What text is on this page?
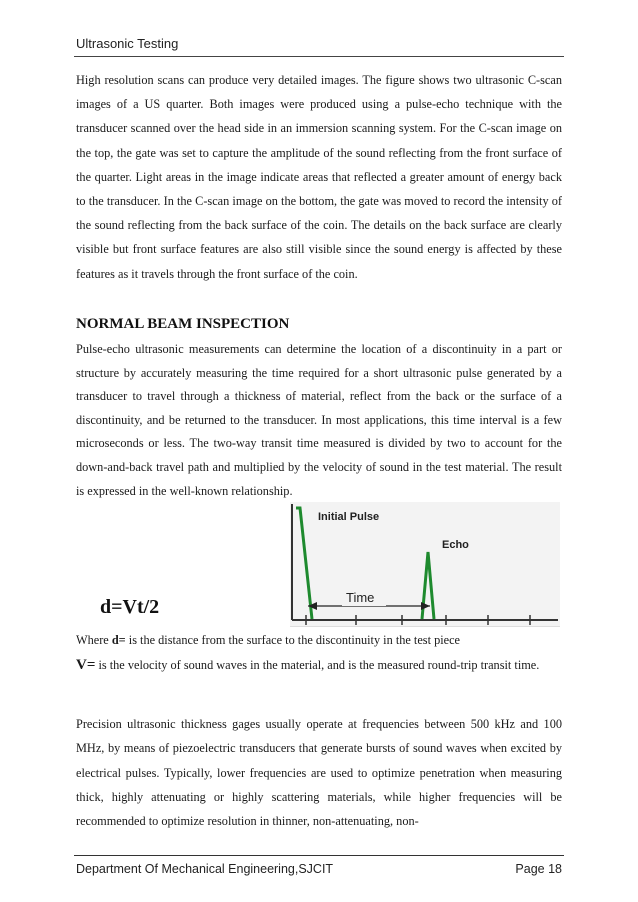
Ultrasonic Testing

High resolution scans can produce very detailed images. The figure shows two ultrasonic C-scan images of a US quarter. Both images were produced using a pulse-echo technique with the transducer scanned over the head side in an immersion scanning system. For the C-scan image on the top, the gate was set to capture the amplitude of the sound reflecting from the front surface of the quarter. Light areas in the image indicate areas that reflected a greater amount of energy back to the transducer. In the C-scan image on the bottom, the gate was moved to record the intensity of the sound reflecting from the back surface of the coin. The details on the back surface are clearly visible but front surface features are also still visible since the sound energy is affected by these features as it travels through the front surface of the coin.

NORMAL BEAM INSPECTION

Pulse-echo ultrasonic measurements can determine the location of a discontinuity in a part or structure by accurately measuring the time required for a short ultrasonic pulse generated by a transducer to travel through a thickness of material, reflect from the back or the surface of a discontinuity, and be returned to the transducer. In most applications, this time interval is a few microseconds or less. The two-way transit time measured is divided by two to account for the down-and-back travel path and multiplied by the velocity of sound in the test material. The result is expressed in the well-known relationship.

Initial Pulse
Echo
Time
d=Vt/2

Where d= is the distance from the surface to the discontinuity in the test piece

V= is the velocity of sound waves in the material, and is the measured round-trip transit time.

Precision ultrasonic thickness gages usually operate at frequencies between 500 kHz and 100 MHz, by means of piezoelectric transducers that generate bursts of sound waves when excited by electrical pulses. Typically, lower frequencies are used to optimize penetration when measuring thick, highly attenuating or highly scattering materials, while higher frequencies will be recommended to optimize resolution in thinner, non-attenuating, non-

Department Of Mechanical Engineering,SJCIT	Page 18
